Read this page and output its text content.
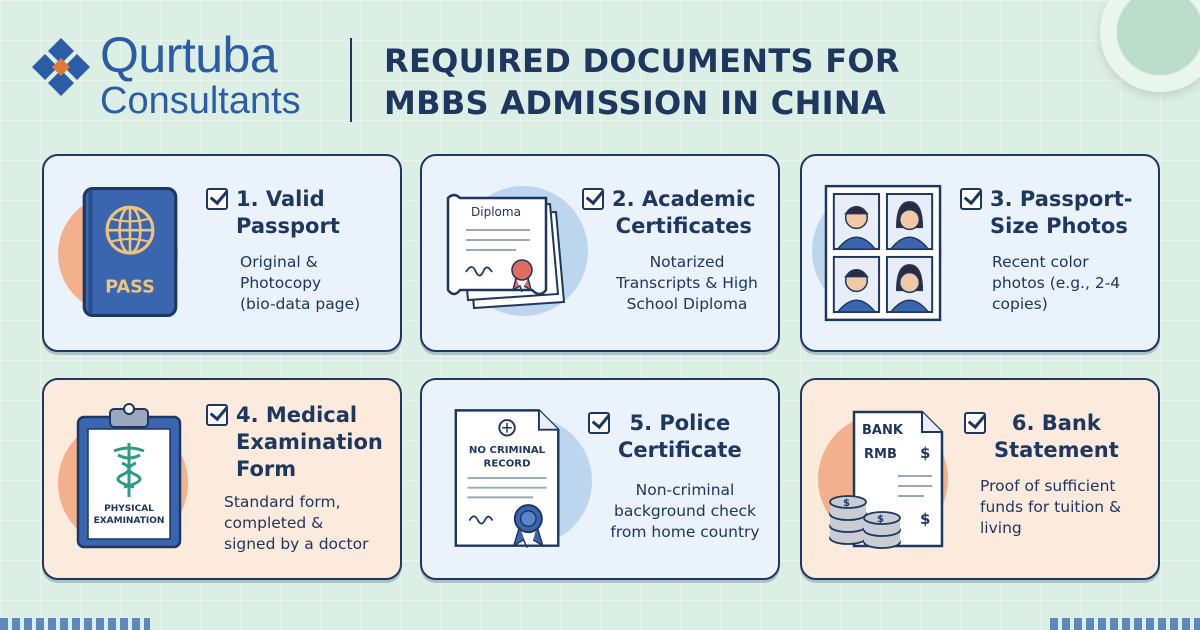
Qurtuba
Consultants
REQUIRED DOCUMENTS FOR
MBBS ADMISSION IN CHINA
PASS
1. Valid
Passport
Original &
Photocopy
(bio-data page)
Diploma
2. Academic
Certificates
Notarized
Transcripts & High
School Diploma
3. Passport-
Size Photos
Recent color
photos (e.g., 2-4
copies)
PHYSICAL
EXAMINATION
4. Medical
Examination
Form
Standard form,
completed &
signed by a doctor
NO CRIMINAL
RECORD
5. Police
Certificate
Non-criminal
background check
from home country
BANK
RMB $
$
$
$
6. Bank
Statement
Proof of sufficient
funds for tuition &
living
